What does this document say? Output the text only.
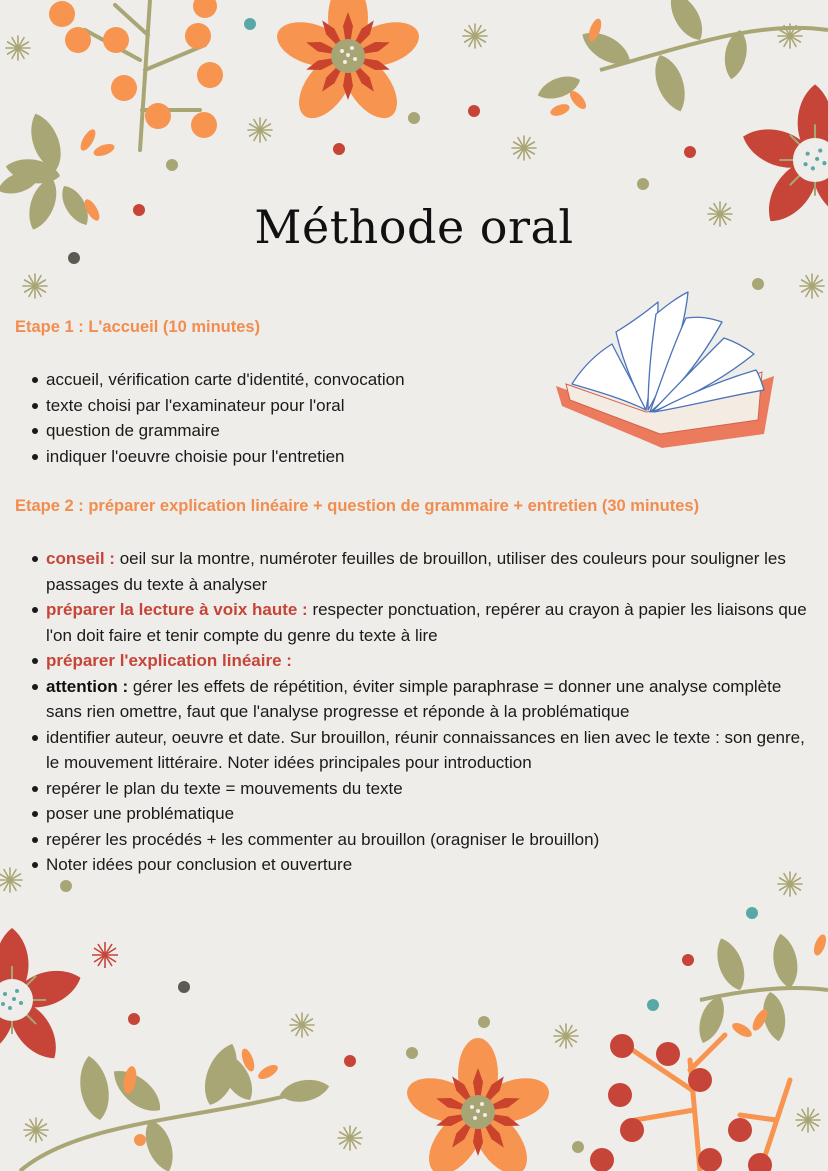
Méthode oral
Etape 1 : L'accueil (10 minutes)
accueil, vérification carte d'identité, convocation
texte choisi par l'examinateur pour l'oral
question de grammaire
indiquer l'oeuvre choisie pour l'entretien
Etape 2 : préparer explication linéaire + question de grammaire + entretien (30 minutes)
conseil : oeil sur la montre, numéroter feuilles de brouillon, utiliser des couleurs pour souligner les passages du texte à analyser
préparer la lecture à voix haute : respecter ponctuation, repérer au crayon à papier les liaisons que l'on doit faire et tenir compte du genre du texte à lire
préparer l'explication linéaire :
attention : gérer les effets de répétition, éviter simple paraphrase = donner une analyse complète sans rien omettre, faut que l'analyse progresse et réponde à la problématique
identifier auteur, oeuvre et date. Sur brouillon, réunir connaissances en lien avec le texte : son genre, le mouvement littéraire. Noter idées principales pour introduction
repérer le plan du texte = mouvements du texte
poser une problématique
repérer les procédés + les commenter au brouillon (oragniser le brouillon)
Noter idées pour conclusion et ouverture
